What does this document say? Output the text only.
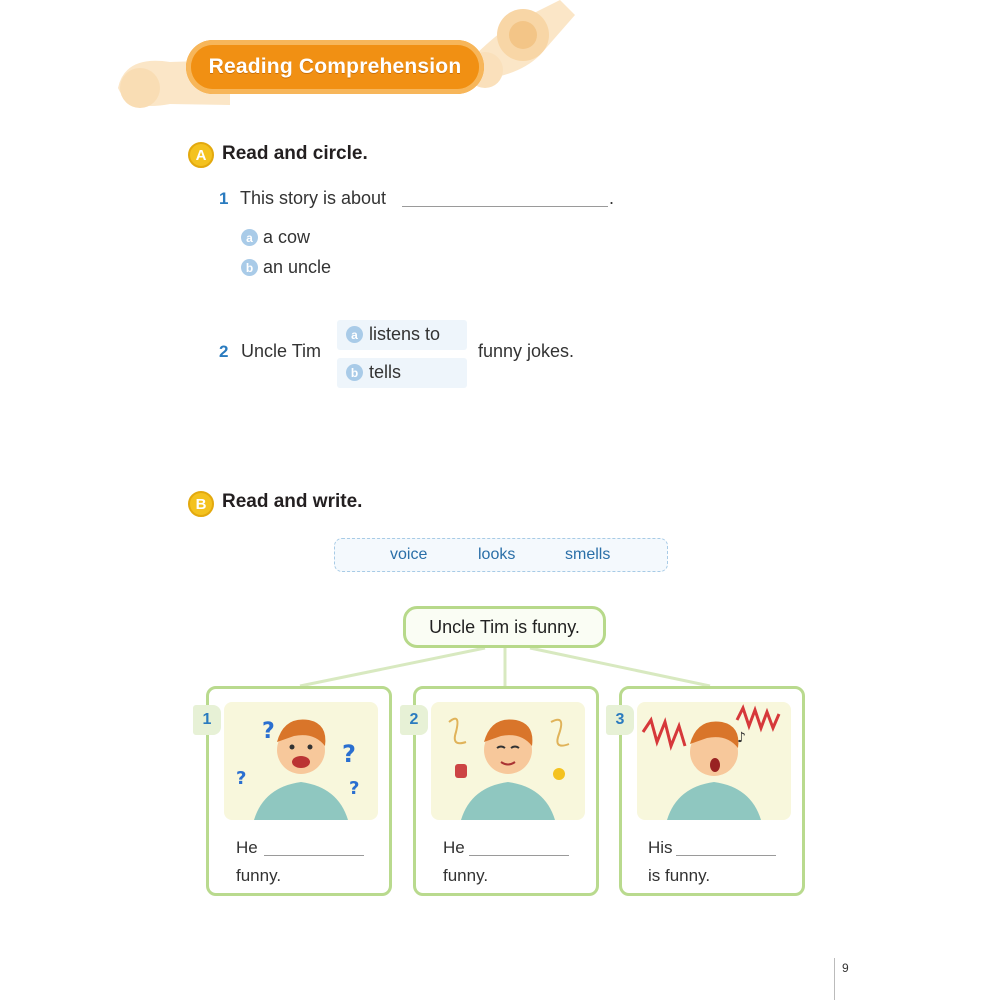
Reading Comprehension
A Read and circle.
1 This story is about	.
a a cow
b an uncle
2 Uncle Tim
a listens to
b tells
funny jokes.
B Read and write.
voice	looks	smells
Uncle Tim is funny.
?
?
?	?
1
He
funny.
2
He
funny.
♪
3
His
is funny.
9
